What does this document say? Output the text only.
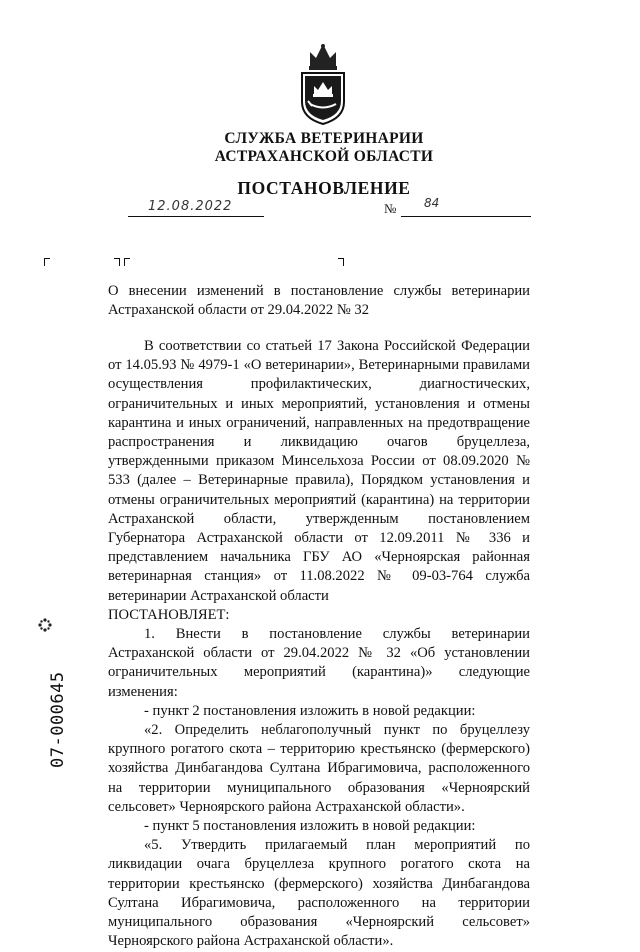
СЛУЖБА ВЕТЕРИНАРИИ
АСТРАХАНСКОЙ ОБЛАСТИ
ПОСТАНОВЛЕНИЕ
12.08.2022	№ 84
О внесении изменений в постановление службы ветеринарии Астраханской области от 29.04.2022 № 32

В соответствии со статьей 17 Закона Российской Федерации от 14.05.93 № 4979-1 «О ветеринарии», Ветеринарными правилами осуществления профилактических, диагностических, ограничительных и иных мероприятий, установления и отмены карантина и иных ограничений, направленных на предотвращение распространения и ликвидацию очагов бруцеллеза, утвержденными приказом Минсельхоза России от 08.09.2020 № 533 (далее – Ветеринарные правила), Порядком установления и отмены ограничительных мероприятий (карантина) на территории Астраханской области, утвержденным постановлением Губернатора Астраханской области от 12.09.2011 № 336 и представлением начальника ГБУ АО «Черноярская районная ветеринарная станция» от 11.08.2022 № 09-03-764 служба ветеринарии Астраханской области

ПОСТАНОВЛЯЕТ:

1. Внести в постановление службы ветеринарии Астраханской области от 29.04.2022 № 32 «Об установлении ограничительных мероприятий (карантина)» следующие изменения:

- пункт 2 постановления изложить в новой редакции:

«2. Определить неблагополучный пункт по бруцеллезу крупного рогатого скота – территорию крестьянско (фермерского) хозяйства Динбагандова Султана Ибрагимовича, расположенного на территории муниципального образования «Черноярский сельсовет» Черноярского района Астраханской области».

- пункт 5 постановления изложить в новой редакции:

«5. Утвердить прилагаемый план мероприятий по ликвидации очага бруцеллеза крупного рогатого скота на территории крестьянско (фермерского) хозяйства Динбагандова Султана Ибрагимовича, расположенного на территории муниципального образования «Черноярский сельсовет» Черноярского района Астраханской области».

07-000645
